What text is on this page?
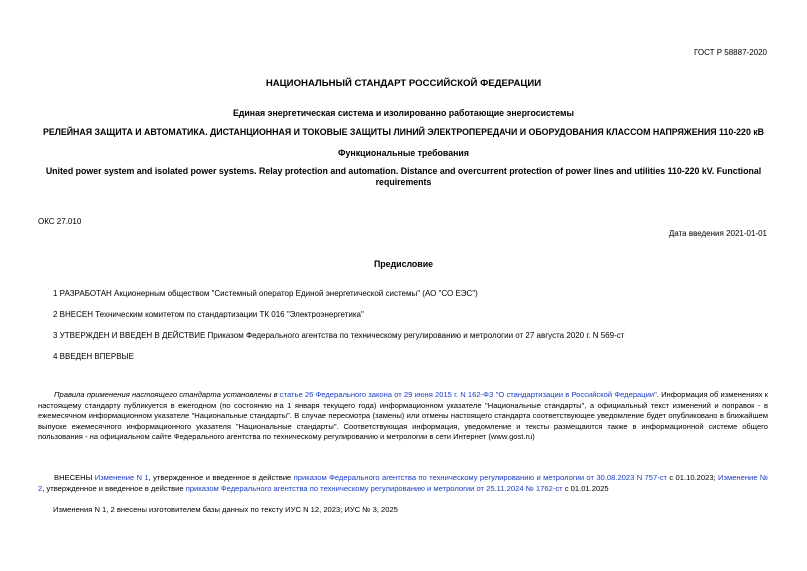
ГОСТ Р 58887-2020
НАЦИОНАЛЬНЫЙ СТАНДАРТ РОССИЙСКОЙ ФЕДЕРАЦИИ
Единая энергетическая система и изолированно работающие энергосистемы
РЕЛЕЙНАЯ ЗАЩИТА И АВТОМАТИКА. ДИСТАНЦИОННАЯ И ТОКОВЫЕ ЗАЩИТЫ ЛИНИЙ ЭЛЕКТРОПЕРЕДАЧИ И ОБОРУДОВАНИЯ КЛАССОМ НАПРЯЖЕНИЯ 110-220 кВ
Функциональные требования
United power system and isolated power systems. Relay protection and automation. Distance and overcurrent protection of power lines and utilities 110-220 kV. Functional requirements
ОКС 27.010
Дата введения 2021-01-01
Предисловие
1 РАЗРАБОТАН Акционерным обществом "Системный оператор Единой энергетической системы" (АО "СО ЕЭС")
2 ВНЕСЕН Техническим комитетом по стандартизации ТК 016 "Электроэнергетика"
3 УТВЕРЖДЕН И ВВЕДЕН В ДЕЙСТВИЕ Приказом Федерального агентства по техническому регулированию и метрологии от 27 августа 2020 г. N 569-ст
4 ВВЕДЕН ВПЕРВЫЕ
Правила применения настоящего стандарта установлены в статье 26 Федерального закона от 29 июня 2015 г. N 162-ФЗ "О стандартизации в Российской Федерации". Информация об изменениях к настоящему стандарту публикуется в ежегодном (по состоянию на 1 января текущего года) информационном указателе "Национальные стандарты", а официальный текст изменений и поправок - в ежемесячном информационном указателе "Национальные стандарты". В случае пересмотра (замены) или отмены настоящего стандарта соответствующее уведомление будет опубликовано в ближайшем выпуске ежемесячного информационного указателя "Национальные стандарты". Соответствующая информация, уведомление и тексты размещаются также в информационной системе общего пользования - на официальном сайте Федерального агентства по техническому регулированию и метрологии в сети Интернет (www.gost.ru)
ВНЕСЕНЫ Изменение N 1, утвержденное и введенное в действие приказом Федерального агентства по техническому регулированию и метрологии от 30.08.2023 N 757-ст с 01.10.2023; Изменение № 2, утвержденное и введенное в действие приказом Федерального агентства по техническому регулированию и метрологии от 25.11.2024 № 1762-ст с 01.01.2025
Изменения N 1, 2 внесены изготовителем базы данных по тексту ИУС N 12, 2023; ИУС № 3, 2025
